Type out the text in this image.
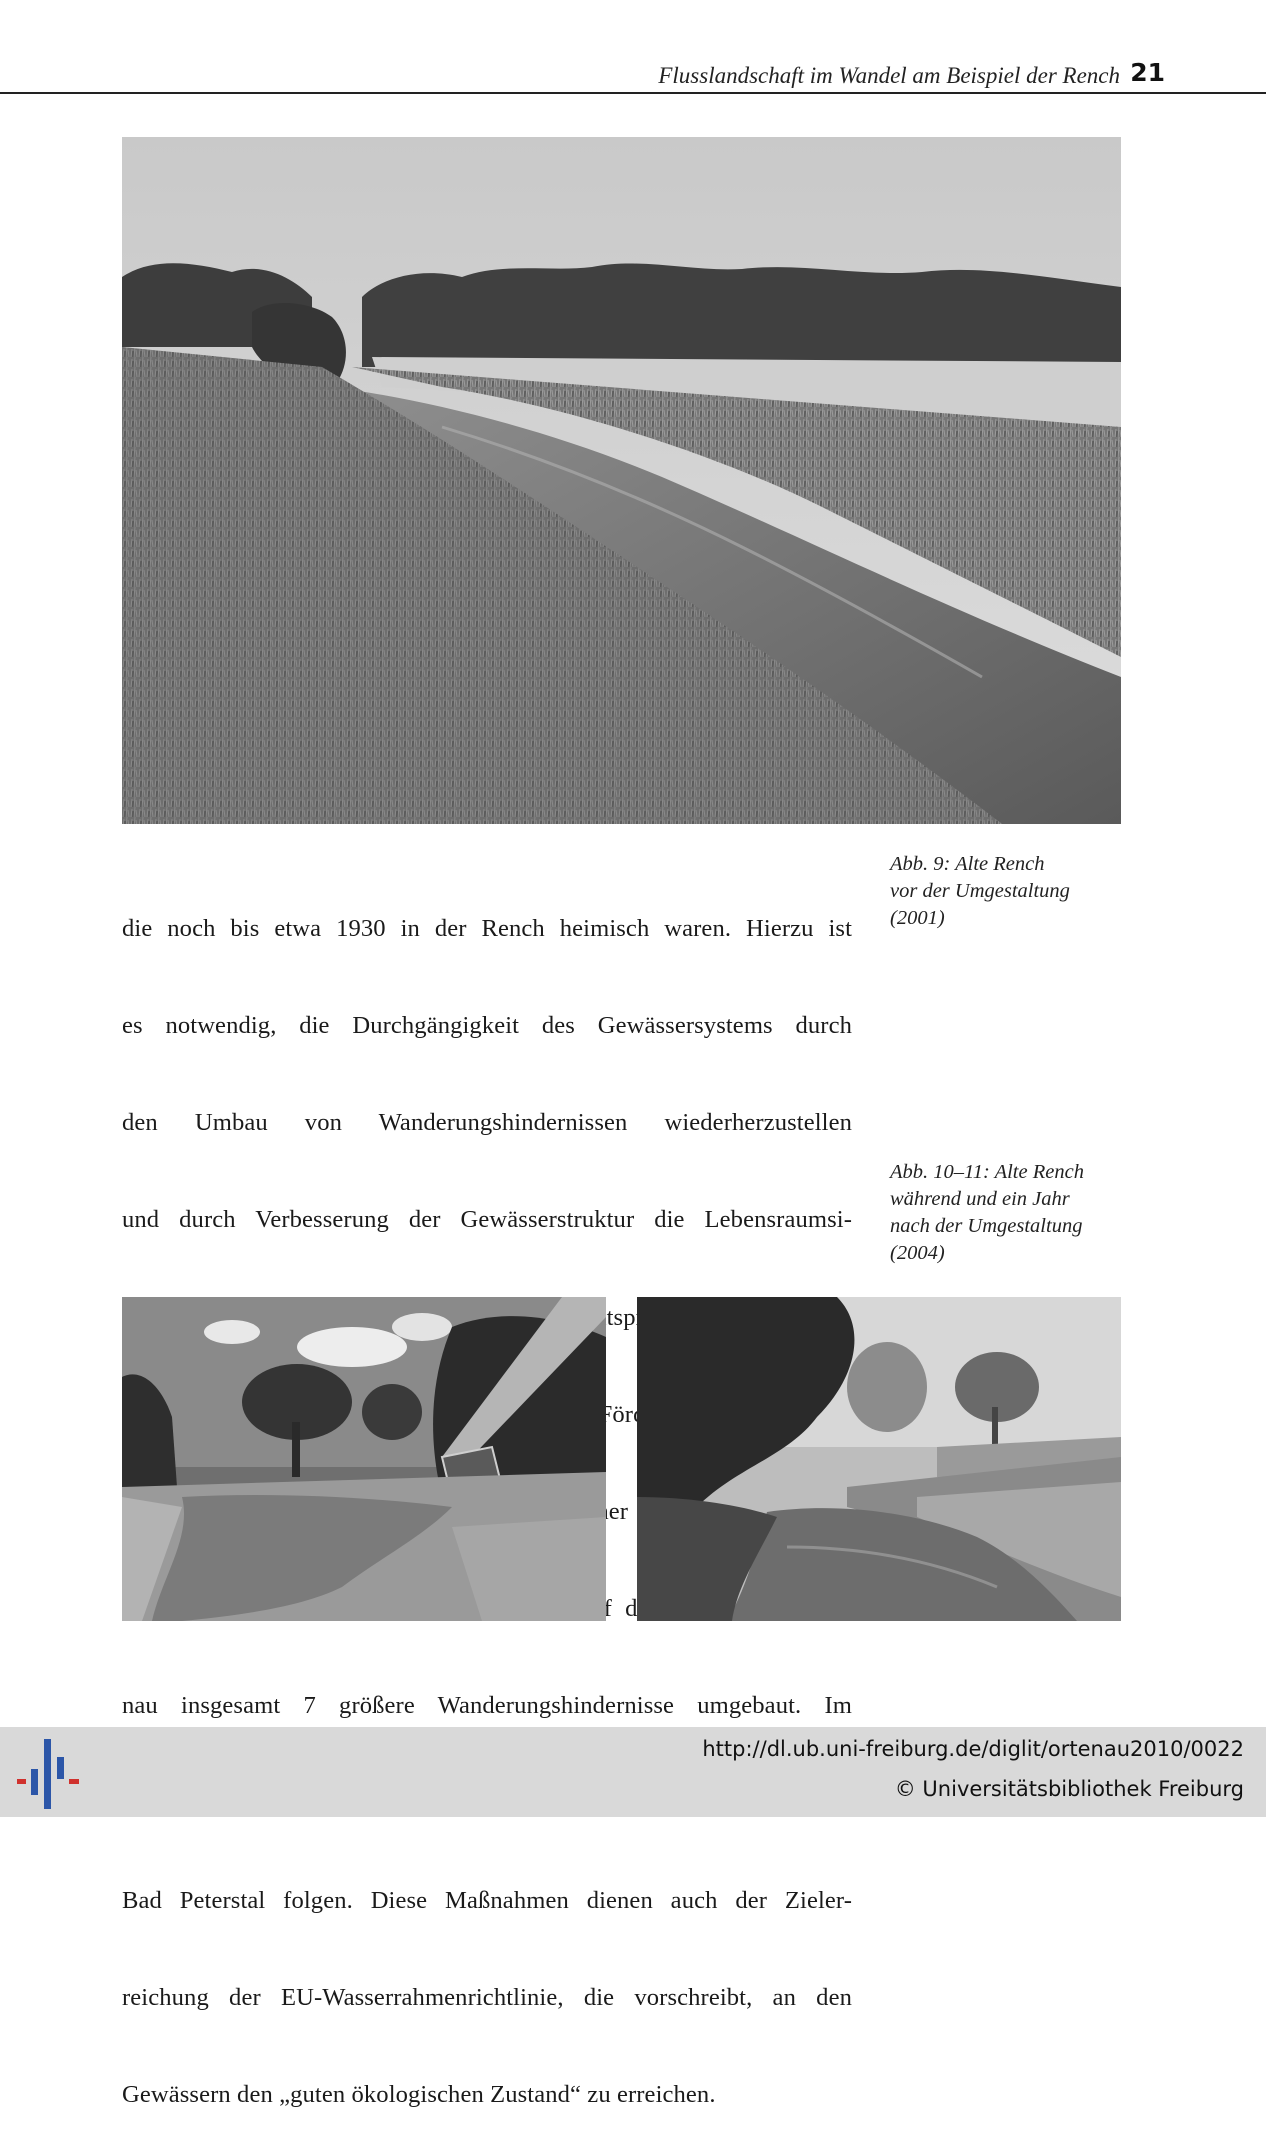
Flusslandschaft im Wandel am Beispiel der Rench 21

die noch bis etwa 1930 in der Rench heimisch waren. Hierzu ist

es notwendig, die Durchgängigkeit des Gewässersystems durch

den Umbau von Wanderungshindernissen wiederherzustellen

und durch Verbesserung der Gewässerstruktur die Lebensraumsi-

nau insgesamt 7 größere Wanderungshindernisse umgebaut. Im

Bad Peterstal folgen. Diese Maßnahmen dienen auch der Zieler-

reichung der EU-Wasserrahmenrichtlinie, die vorschreibt, an den

Gewässern den „guten ökologischen Zustand“ zu erreichen.

Abb. 9: Alte Rench
vor der Umgestaltung
(2001)
Abb. 10–11: Alte Rench
während und ein Jahr
nach der Umgestaltung
(2004)
http://dl.ub.uni-freiburg.de/diglit/ortenau2010/0022
© Universitätsbibliothek Freiburg
